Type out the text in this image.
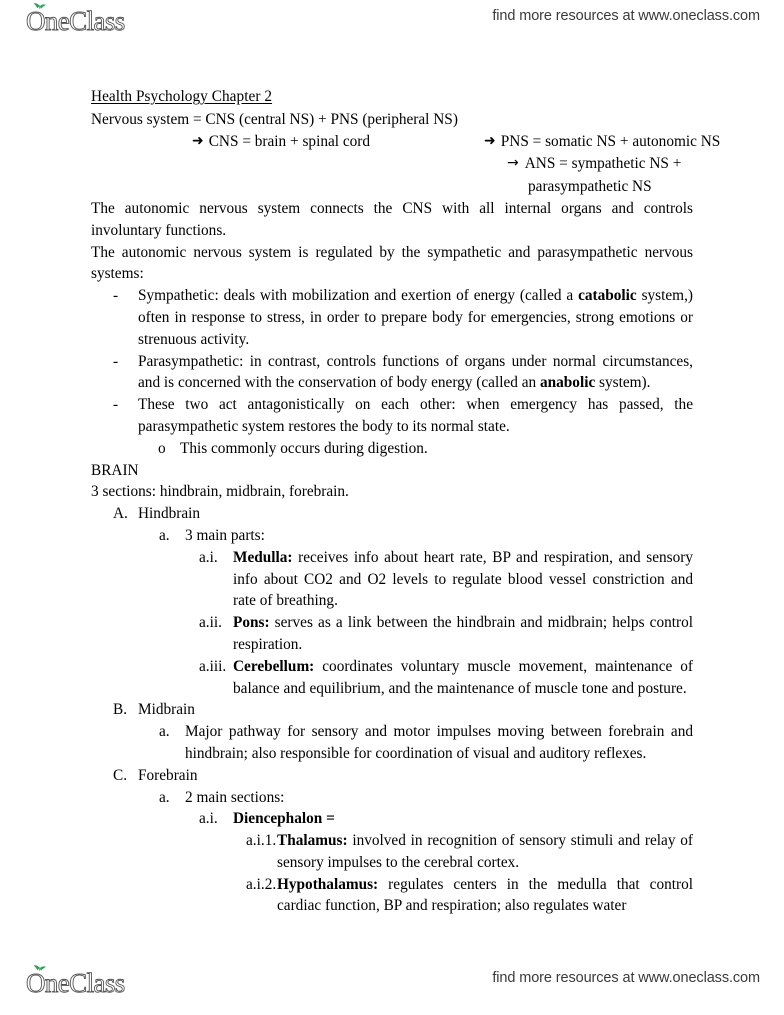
OneClass	find more resources at www.oneclass.com
Health Psychology Chapter 2

Nervous system = CNS (central NS) + PNS (peripheral NS)

➜ CNS = brain + spinal cord	➜ PNS = somatic NS + autonomic NS
→ ANS = sympathetic NS +
parasympathetic NS

The autonomic nervous system connects the CNS with all internal organs and controls involuntary functions.

The autonomic nervous system is regulated by the sympathetic and parasympathetic nervous systems:

- Sympathetic: deals with mobilization and exertion of energy (called a catabolic system,) often in response to stress, in order to prepare body for emergencies, strong emotions or strenuous activity.
- Parasympathetic: in contrast, controls functions of organs under normal circumstances, and is concerned with the conservation of body energy (called an anabolic system).
- These two act antagonistically on each other: when emergency has passed, the parasympathetic system restores the body to its normal state.
o This commonly occurs during digestion.

BRAIN

3 sections: hindbrain, midbrain, forebrain.

A. Hindbrain
a. 3 main parts:
a.i. Medulla: receives info about heart rate, BP and respiration, and sensory info about CO2 and O2 levels to regulate blood vessel constriction and rate of breathing.
a.ii. Pons: serves as a link between the hindbrain and midbrain; helps control respiration.
a.iii. Cerebellum: coordinates voluntary muscle movement, maintenance of balance and equilibrium, and the maintenance of muscle tone and posture.
B. Midbrain
a. Major pathway for sensory and motor impulses moving between forebrain and hindbrain; also responsible for coordination of visual and auditory reflexes.
C. Forebrain
a. 2 main sections:
a.i. Diencephalon =
a.i.1. Thalamus: involved in recognition of sensory stimuli and relay of sensory impulses to the cerebral cortex.
a.i.2. Hypothalamus: regulates centers in the medulla that control cardiac function, BP and respiration; also regulates water
OneClass	find more resources at www.oneclass.com
